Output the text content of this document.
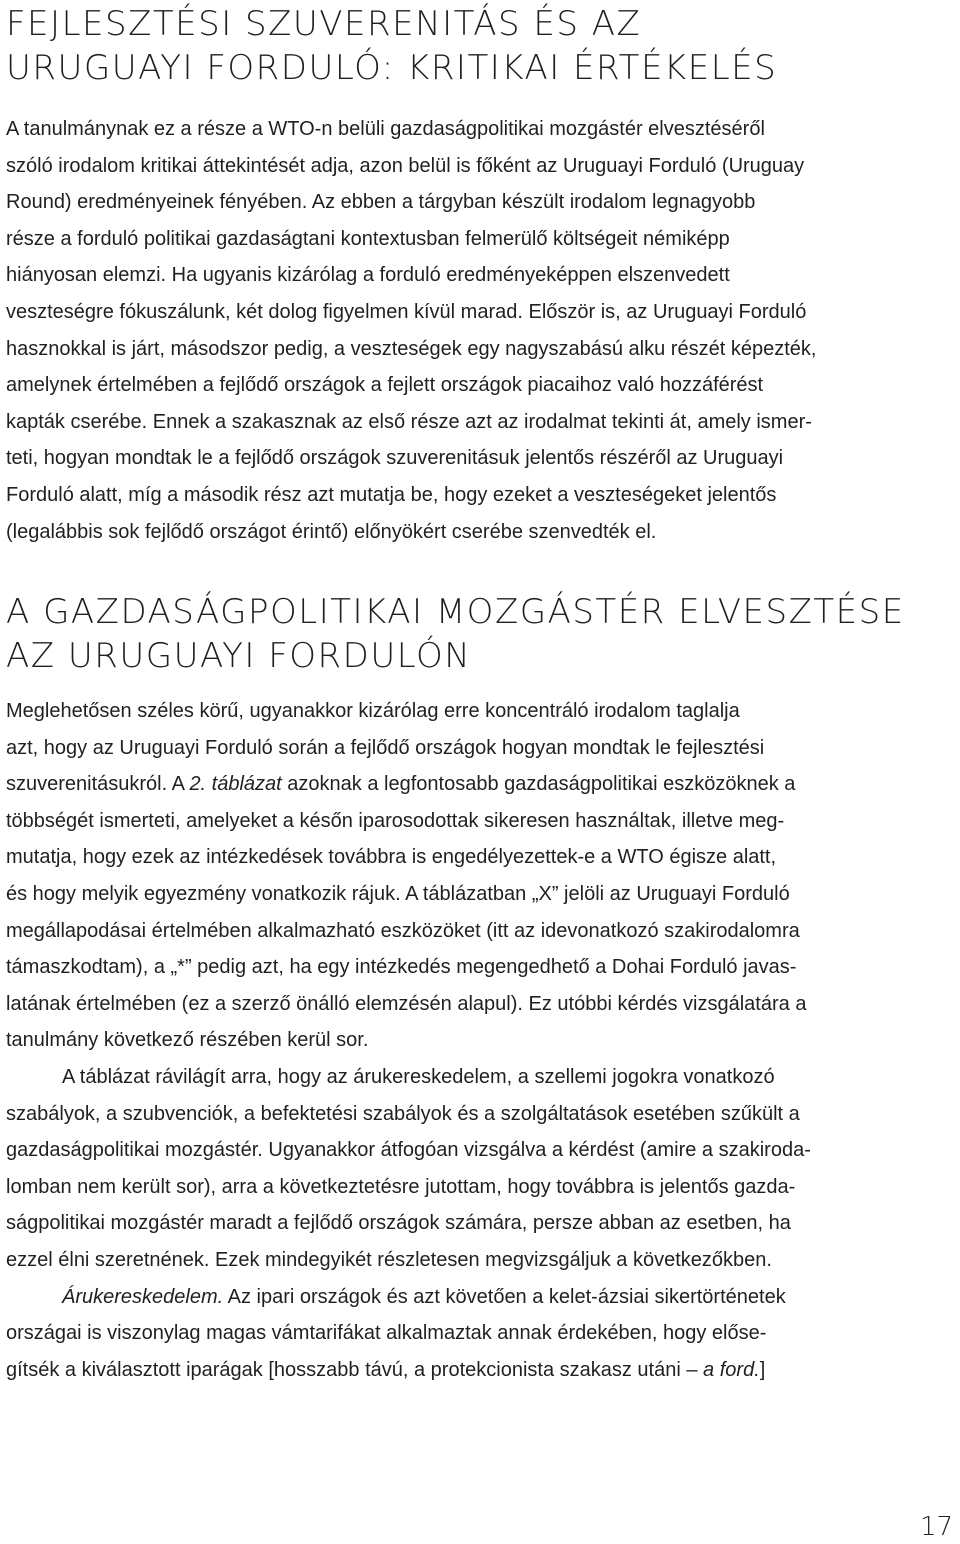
FEJLESZTÉSI SZUVERENITÁS ÉS AZ
URUGUAYI FORDULÓ: KRITIKAI ÉRTÉKELÉS
A tanulmánynak ez a része a WTO-n belüli gazdaságpolitikai mozgástér elvesztéséről
szóló irodalom kritikai áttekintését adja, azon belül is főként az Uruguayi Forduló (Uruguay
Round) eredményeinek fényében. Az ebben a tárgyban készült irodalom legnagyobb
része a forduló politikai gazdaságtani kontextusban felmerülő költségeit némiképp
hiányosan elemzi. Ha ugyanis kizárólag a forduló eredményeképpen elszenvedett
veszteségre fókuszálunk, két dolog figyelmen kívül marad. Először is, az Uruguayi Forduló
hasznokkal is járt, másodszor pedig, a veszteségek egy nagyszabású alku részét képezték,
amelynek értelmében a fejlődő országok a fejlett országok piacaihoz való hozzáférést
kapták cserébe. Ennek a szakasznak az első része azt az irodalmat tekinti át, amely ismer-
teti, hogyan mondtak le a fejlődő országok szuverenitásuk jelentős részéről az Uruguayi
Forduló alatt, míg a második rész azt mutatja be, hogy ezeket a veszteségeket jelentős
(legalábbis sok fejlődő országot érintő) előnyökért cserébe szenvedték el.
A GAZDASÁGPOLITIKAI MOZGÁSTÉR ELVESZTÉSE
AZ URUGUAYI FORDULÓN
Meglehetősen széles körű, ugyanakkor kizárólag erre koncentráló irodalom taglalja
azt, hogy az Uruguayi Forduló során a fejlődő országok hogyan mondtak le fejlesztési
szuverenitásukról. A 2. táblázat azoknak a legfontosabb gazdaságpolitikai eszközöknek a
többségét ismerteti, amelyeket a későn iparosodottak sikeresen használtak, illetve meg-
mutatja, hogy ezek az intézkedések továbbra is engedélyezettek-e a WTO égisze alatt,
és hogy melyik egyezmény vonatkozik rájuk. A táblázatban „X” jelöli az Uruguayi Forduló
megállapodásai értelmében alkalmazható eszközöket (itt az idevonatkozó szakirodalomra
támaszkodtam), a „*” pedig azt, ha egy intézkedés megengedhető a Dohai Forduló javas-
latának értelmében (ez a szerző önálló elemzésén alapul). Ez utóbbi kérdés vizsgálatára a
tanulmány következő részében kerül sor.
A táblázat rávilágít arra, hogy az árukereskedelem, a szellemi jogokra vonatkozó
szabályok, a szubvenciók, a befektetési szabályok és a szolgáltatások esetében szűkült a
gazdaságpolitikai mozgástér. Ugyanakkor átfogóan vizsgálva a kérdést (amire a szakiroda-
lomban nem került sor), arra a következtetésre jutottam, hogy továbbra is jelentős gazda-
ságpolitikai mozgástér maradt a fejlődő országok számára, persze abban az esetben, ha
ezzel élni szeretnének. Ezek mindegyikét részletesen megvizsgáljuk a következőkben.
Árukereskedelem. Az ipari országok és azt követően a kelet-ázsiai sikertörténetek
országai is viszonylag magas vámtarifákat alkalmaztak annak érdekében, hogy elősе-
gítsék a kiválasztott iparágak [hosszabb távú, a protekcionista szakasz utáni – a ford.]
17
